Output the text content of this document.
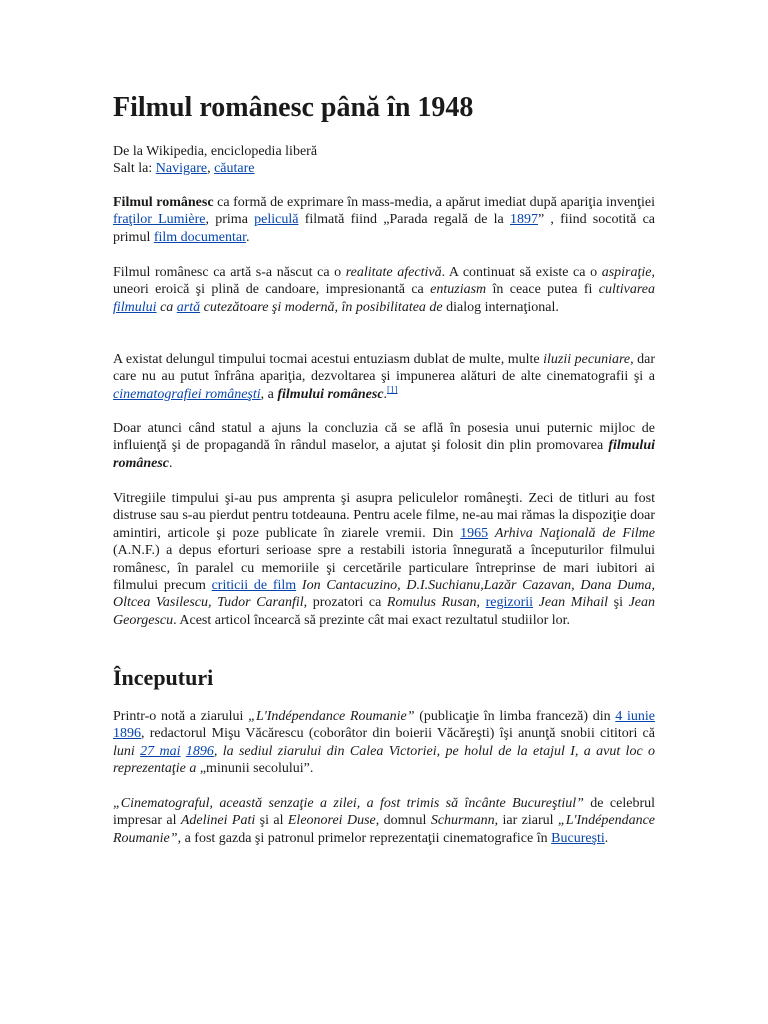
Filmul românesc până în 1948
De la Wikipedia, enciclopedia liberă
Salt la: Navigare, căutare

Filmul românesc ca formă de exprimare în mass-media, a apărut imediat după apariţia invenţiei fraţilor Lumière, prima peliculă filmată fiind „Parada regală de la 1897” , fiind socotită ca primul film documentar.

Filmul românesc ca artă s-a născut ca o realitate afectivă. A continuat să existe ca o aspiraţie, uneori eroică şi plină de candoare, impresionantă ca entuziasm în ceace putea fi cultivarea filmului ca artă cutezătoare şi modernă, în posibilitatea de dialog internaţional.

A existat delungul timpului tocmai acestui entuziasm dublat de multe, multe iluzii pecuniare, dar care nu au putut înfrâna apariţia, dezvoltarea şi impunerea alături de alte cinematografii şi a cinematografiei româneşti, a filmului românesc.[1]

Doar atunci când statul a ajuns la concluzia că se află în posesia unui puternic mijloc de influienţă şi de propagandă în rândul maselor, a ajutat şi folosit din plin promovarea filmului românesc.

Vitregiile timpului şi-au pus amprenta şi asupra peliculelor româneşti. Zeci de titluri au fost distruse sau s-au pierdut pentru totdeauna. Pentru acele filme, ne-au mai rămas la dispoziţie doar amintiri, articole şi poze publicate în ziarele vremii. Din 1965 Arhiva Naţională de Filme (A.N.F.) a depus eforturi serioase spre a restabili istoria înnegurată a începuturilor filmului românesc, în paralel cu memoriile şi cercetările particulare întreprinse de mari iubitori ai filmului precum criticii de film Ion Cantacuzino, D.I.Suchianu,Lazăr Cazavan, Dana Duma, Oltcea Vasilescu, Tudor Caranfil, prozatori ca Romulus Rusan, regizorii Jean Mihail şi Jean Georgescu. Acest articol încearcă să prezinte cât mai exact rezultatul studiilor lor.

Începuturi

Printr-o notă a ziarului „L'Indépendance Roumanie” (publicaţie în limba franceză) din 4 iunie 1896, redactorul Mişu Văcărescu (coborâtor din boierii Văcăreşti) îşi anunţă snobii cititori că luni 27 mai 1896, la sediul ziarului din Calea Victoriei, pe holul de la etajul I, a avut loc o reprezentaţie a „minunii secolului”.

„Cinematograful, această senzaţie a zilei, a fost trimis să încânte Bucureştiul” de celebrul impresar al Adelinei Pati şi al Eleonorei Duse, domnul Schurmann, iar ziarul „L'Indépendance Roumanie”, a fost gazda şi patronul primelor reprezentaţii cinematografice în Bucureşti.
